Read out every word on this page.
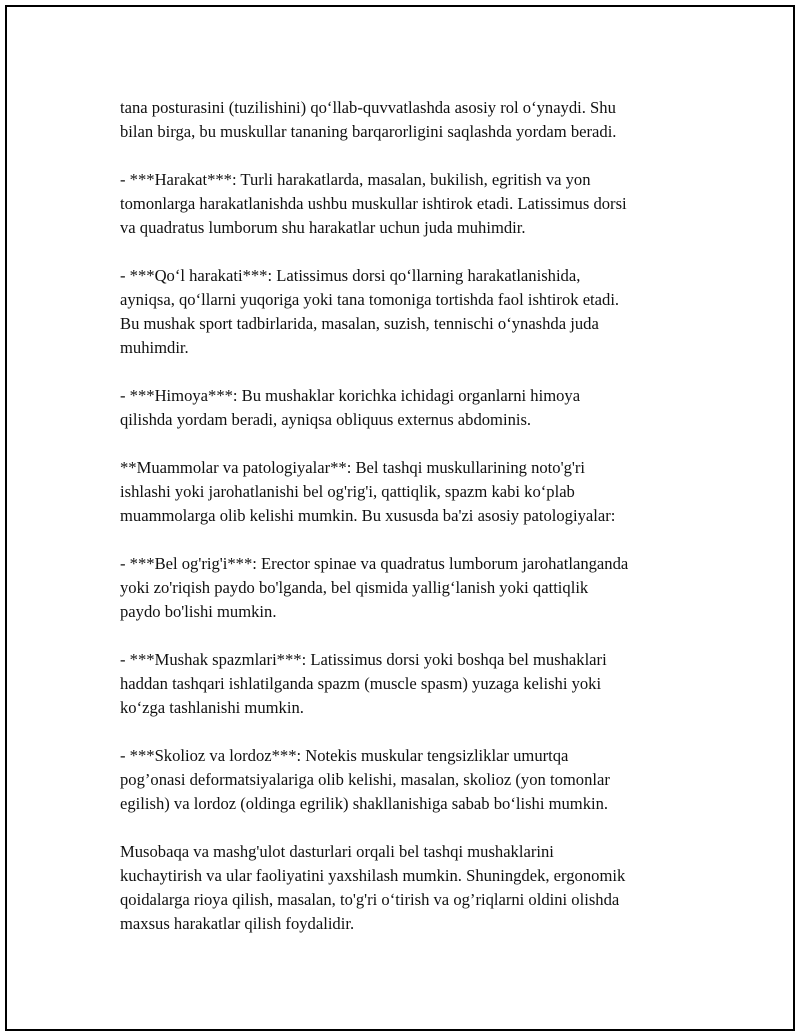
tana posturasini (tuzilishini) qo‘llab-quvvatlashda asosiy rol o‘ynaydi. Shu
bilan birga, bu muskullar tananing barqarorligini saqlashda yordam beradi.

- ***Harakat***: Turli harakatlarda, masalan, bukilish, egritish va yon
tomonlarga harakatlanishda ushbu muskullar ishtirok etadi. Latissimus dorsi
va quadratus lumborum shu harakatlar uchun juda muhimdir.

- ***Qo‘l harakati***: Latissimus dorsi qo‘llarning harakatlanishida,
ayniqsa, qo‘llarni yuqoriga yoki tana tomoniga tortishda faol ishtirok etadi.
Bu mushak sport tadbirlarida, masalan, suzish, tennischi o‘ynashda juda
muhimdir.

- ***Himoya***: Bu mushaklar korichka ichidagi organlarni himoya
qilishda yordam beradi, ayniqsa obliquus externus abdominis.

**Muammolar va patologiyalar**: Bel tashqi muskullarining noto'g'ri
ishlashi yoki jarohatlanishi bel og'rig'i, qattiqlik, spazm kabi ko‘plab
muammolarga olib kelishi mumkin. Bu xususda ba'zi asosiy patologiyalar:

- ***Bel og'rig'i***: Erector spinae va quadratus lumborum jarohatlanganda
yoki zo'riqish paydo bo'lganda, bel qismida yallig‘lanish yoki qattiqlik
paydo bo'lishi mumkin.

- ***Mushak spazmlari***: Latissimus dorsi yoki boshqa bel mushaklari
haddan tashqari ishlatilganda spazm (muscle spasm) yuzaga kelishi yoki
ko‘zga tashlanishi mumkin.

- ***Skolioz va lordoz***: Notekis muskular tengsizliklar umurtqa
pog’onasi deformatsiyalariga olib kelishi, masalan, skolioz (yon tomonlar
egilish) va lordoz (oldinga egrilik) shakllanishiga sabab bo‘lishi mumkin.

Musobaqa va mashg'ulot dasturlari orqali bel tashqi mushaklarini
kuchaytirish va ular faoliyatini yaxshilash mumkin. Shuningdek, ergonomik
qoidalarga rioya qilish, masalan, to'g'ri o‘tirish va og’riqlarni oldini olishda
maxsus harakatlar qilish foydalidir.
